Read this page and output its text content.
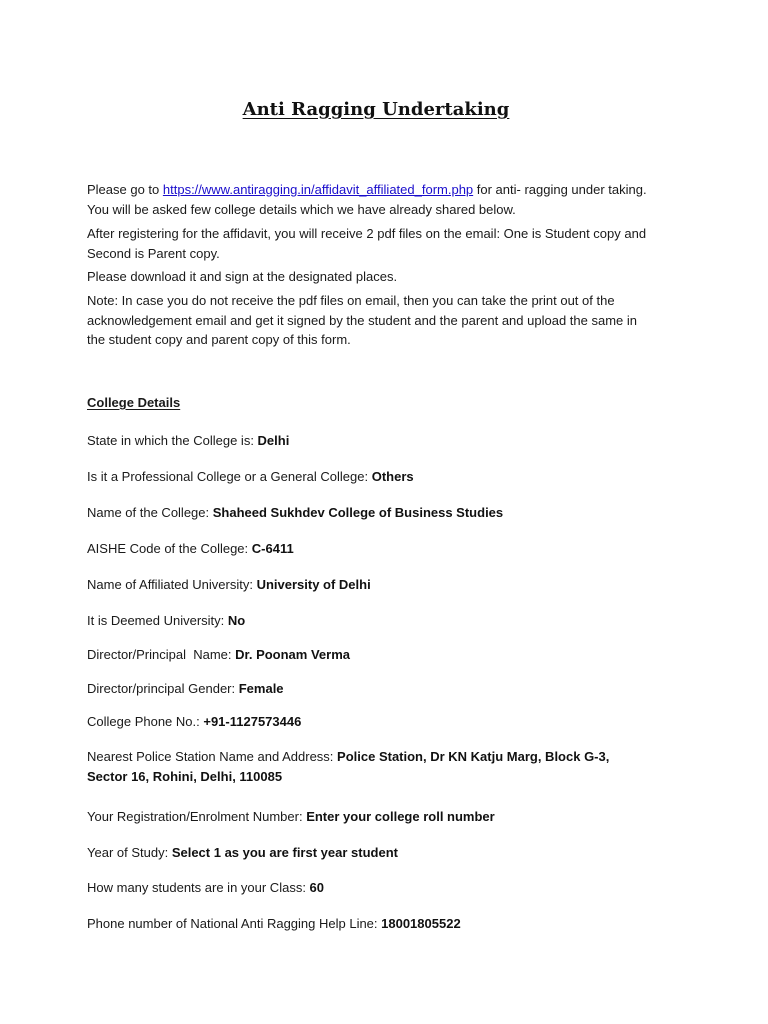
Anti Ragging Undertaking
Please go to https://www.antiragging.in/affidavit_affiliated_form.php for anti- ragging under taking. You will be asked few college details which we have already shared below.
After registering for the affidavit, you will receive 2 pdf files on the email: One is Student copy and Second is Parent copy.
Please download it and sign at the designated places.
Note: In case you do not receive the pdf files on email, then you can take the print out of the acknowledgement email and get it signed by the student and the parent and upload the same in the student copy and parent copy of this form.
College Details
State in which the College is: Delhi
Is it a Professional College or a General College: Others
Name of the College: Shaheed Sukhdev College of Business Studies
AISHE Code of the College: C-6411
Name of Affiliated University: University of Delhi
It is Deemed University: No
Director/Principal  Name: Dr. Poonam Verma
Director/principal Gender: Female
College Phone No.: +91-1127573446
Nearest Police Station Name and Address: Police Station, Dr KN Katju Marg, Block G-3, Sector 16, Rohini, Delhi, 110085
Your Registration/Enrolment Number: Enter your college roll number
Year of Study: Select 1 as you are first year student
How many students are in your Class: 60
Phone number of National Anti Ragging Help Line: 18001805522
